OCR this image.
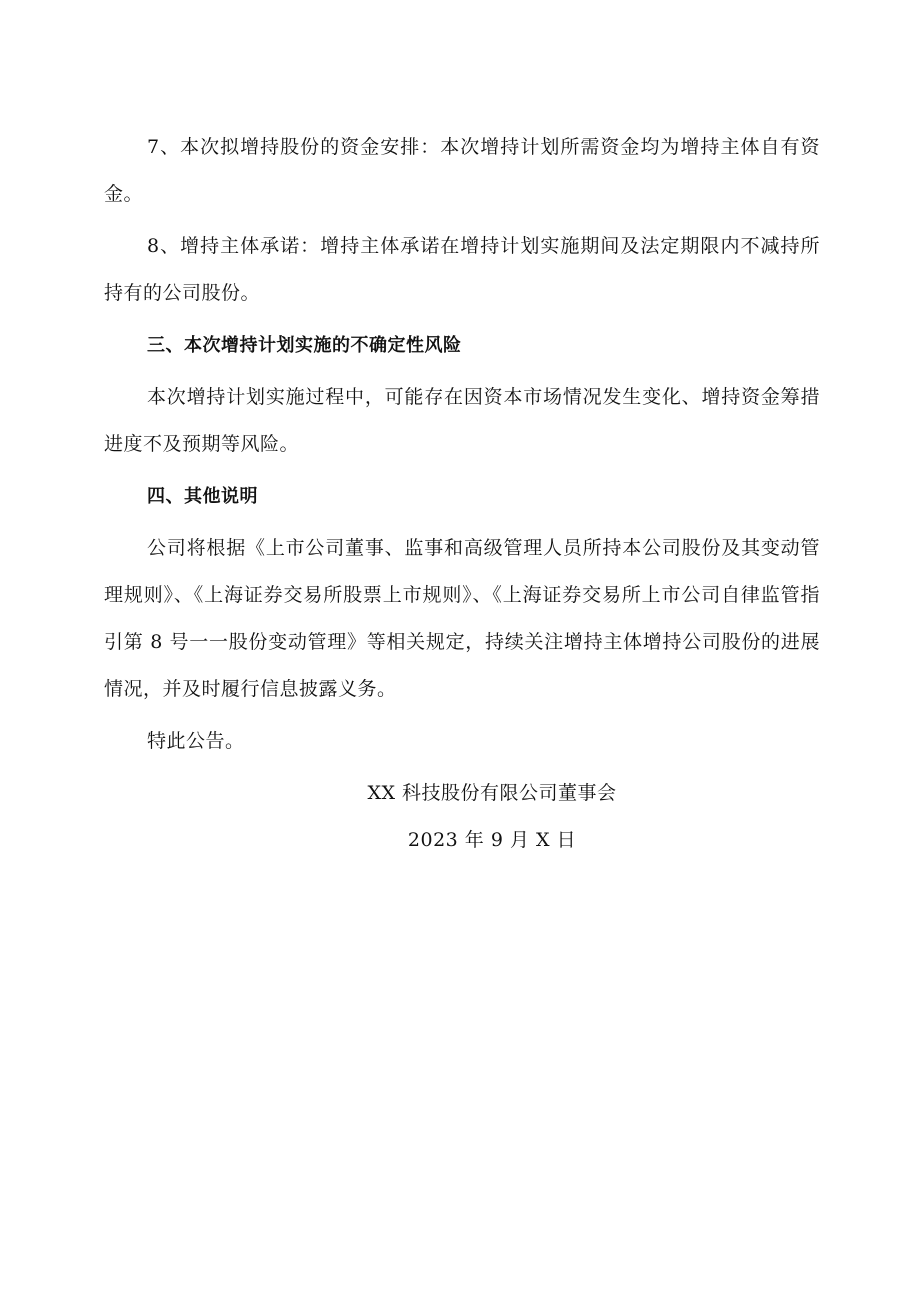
7、本次拟增持股份的资金安排：本次增持计划所需资金均为增持主体自有资金。

8、增持主体承诺：增持主体承诺在增持计划实施期间及法定期限内不减持所持有的公司股份。

三、本次增持计划实施的不确定性风险

本次增持计划实施过程中，可能存在因资本市场情况发生变化、增持资金筹措进度不及预期等风险。

四、其他说明

公司将根据《上市公司董事、监事和高级管理人员所持本公司股份及其变动管理规则》、《上海证券交易所股票上市规则》、《上海证券交易所上市公司自律监管指引第 8 号一一股份变动管理》等相关规定，持续关注增持主体增持公司股份的进展情况，并及时履行信息披露义务。

特此公告。

XX 科技股份有限公司董事会

2023 年 9 月 X 日
